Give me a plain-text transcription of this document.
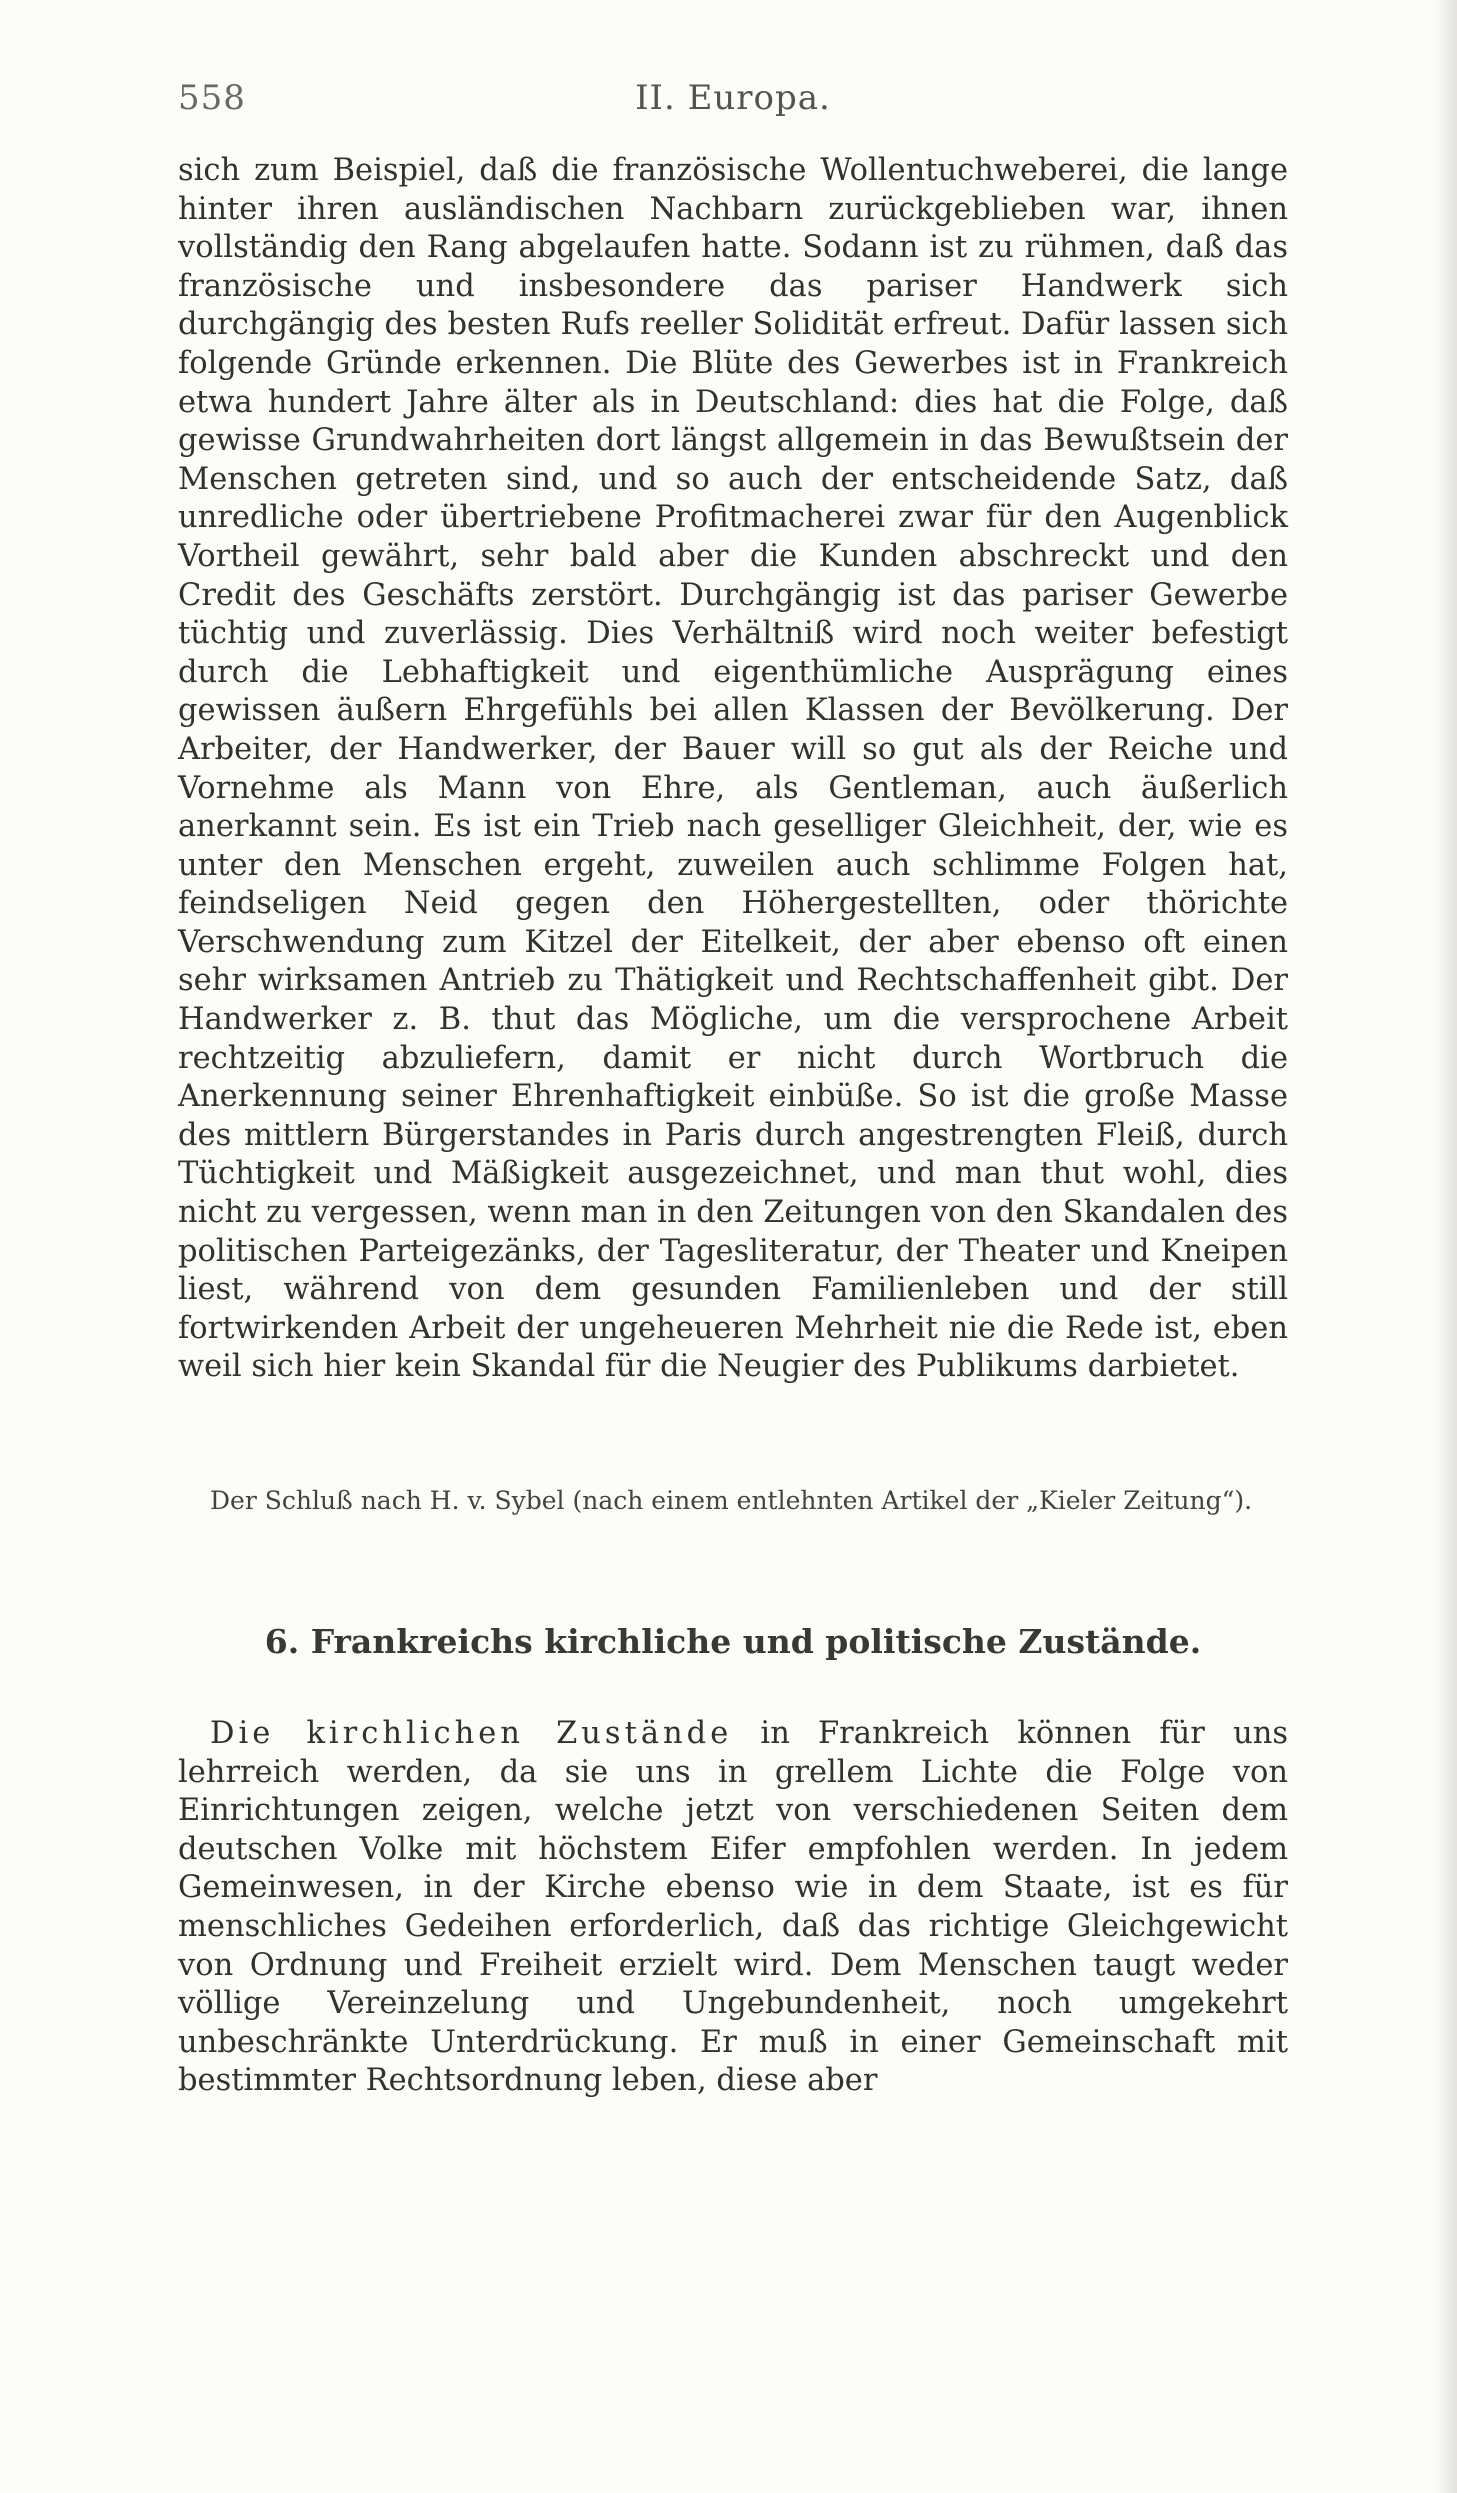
558	II. Europa.

sich zum Beispiel, daß die französische Wollentuchweberei, die lange hinter ihren ausländischen Nachbarn zurückgeblieben war, ihnen vollständig den Rang abgelaufen hatte. Sodann ist zu rühmen, daß das französische und insbesondere das pariser Handwerk sich durchgängig des besten Rufs reeller Solidität erfreut. Dafür lassen sich folgende Gründe erkennen. Die Blüte des Gewerbes ist in Frankreich etwa hundert Jahre älter als in Deutschland: dies hat die Folge, daß gewisse Grundwahrheiten dort längst allgemein in das Bewußtsein der Menschen getreten sind, und so auch der entscheidende Satz, daß unredliche oder übertriebene Profitmacherei zwar für den Augenblick Vortheil gewährt, sehr bald aber die Kunden abschreckt und den Credit des Geschäfts zerstört. Durchgängig ist das pariser Gewerbe tüchtig und zuverlässig. Dies Verhältniß wird noch weiter befestigt durch die Lebhaftigkeit und eigenthümliche Ausprägung eines gewissen äußern Ehrgefühls bei allen Klassen der Bevölkerung. Der Arbeiter, der Handwerker, der Bauer will so gut als der Reiche und Vornehme als Mann von Ehre, als Gentleman, auch äußerlich anerkannt sein. Es ist ein Trieb nach geselliger Gleichheit, der, wie es unter den Menschen ergeht, zuweilen auch schlimme Folgen hat, feindseligen Neid gegen den Höhergestellten, oder thörichte Verschwendung zum Kitzel der Eitelkeit, der aber ebenso oft einen sehr wirksamen Antrieb zu Thätigkeit und Rechtschaffenheit gibt. Der Handwerker z. B. thut das Mögliche, um die versprochene Arbeit rechtzeitig abzuliefern, damit er nicht durch Wortbruch die Anerkennung seiner Ehrenhaftigkeit einbüße. So ist die große Masse des mittlern Bürgerstandes in Paris durch angestrengten Fleiß, durch Tüchtigkeit und Mäßigkeit ausgezeichnet, und man thut wohl, dies nicht zu vergessen, wenn man in den Zeitungen von den Skandalen des politischen Parteigezänks, der Tagesliteratur, der Theater und Kneipen liest, während von dem gesunden Familienleben und der still fortwirkenden Arbeit der ungeheueren Mehrheit nie die Rede ist, eben weil sich hier kein Skandal für die Neugier des Publikums darbietet.

Der Schluß nach H. v. Sybel (nach einem entlehnten Artikel der „Kieler Zeitung“).

6. Frankreichs kirchliche und politische Zustände.

Die kirchlichen Zustände in Frankreich können für uns lehrreich werden, da sie uns in grellem Lichte die Folge von Einrichtungen zeigen, welche jetzt von verschiedenen Seiten dem deutschen Volke mit höchstem Eifer empfohlen werden. In jedem Gemeinwesen, in der Kirche ebenso wie in dem Staate, ist es für menschliches Gedeihen erforderlich, daß das richtige Gleichgewicht von Ordnung und Freiheit erzielt wird. Dem Menschen taugt weder völlige Vereinzelung und Ungebundenheit, noch umgekehrt unbeschränkte Unterdrückung. Er muß in einer Gemeinschaft mit bestimmter Rechtsordnung leben, diese aber
